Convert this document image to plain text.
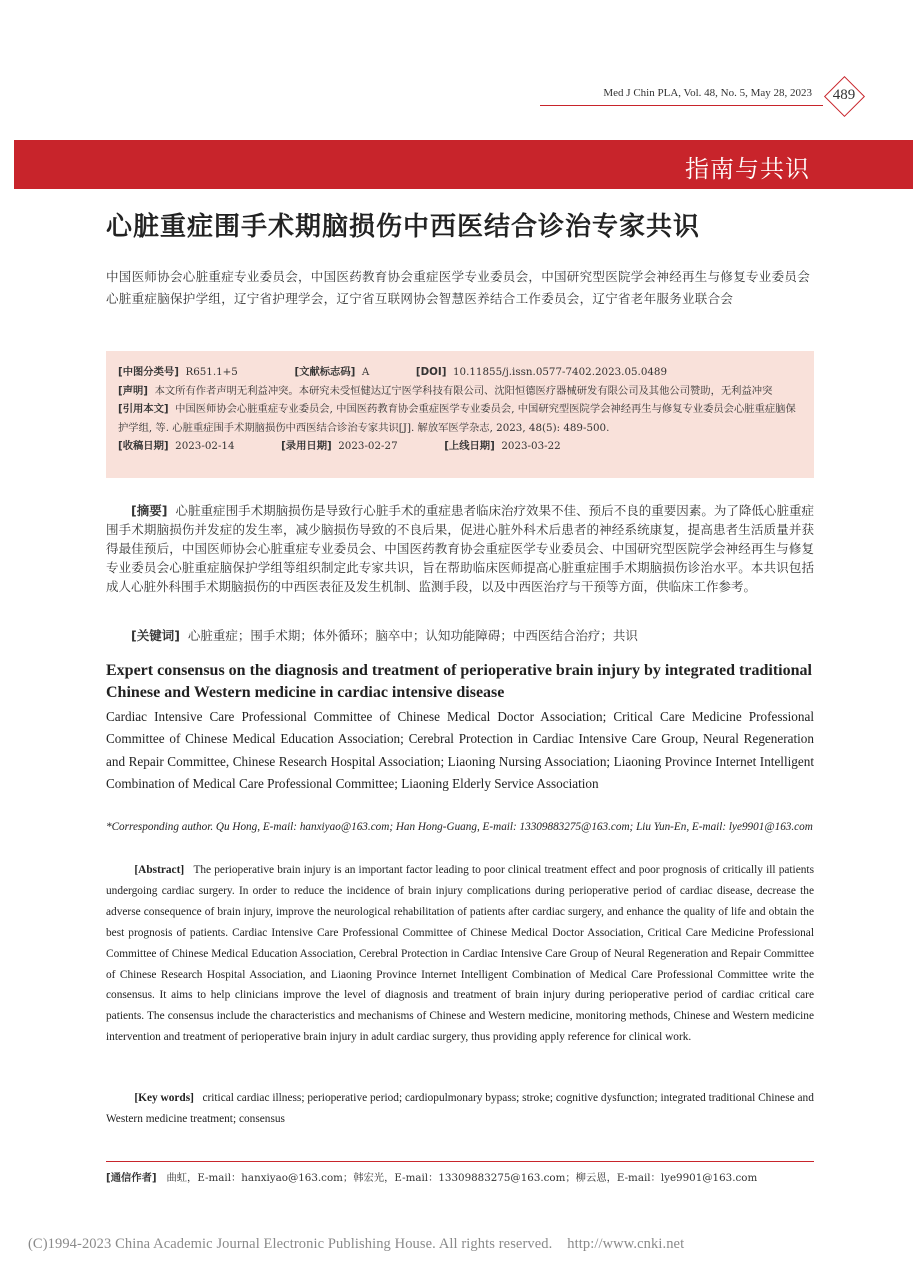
Med J Chin PLA, Vol. 48, No. 5, May 28, 2023	489
指南与共识
心脏重症围手术期脑损伤中西医结合诊治专家共识
中国医师协会心脏重症专业委员会，中国医药教育协会重症医学专业委员会，中国研究型医院学会神经再生与修复专业委员会心脏重症脑保护学组，辽宁省护理学会，辽宁省互联网协会智慧医养结合工作委员会，辽宁省老年服务业联合会
[中图分类号] R651.1+5	[文献标志码] A	[DOI] 10.11855/j.issn.0577-7402.2023.05.0489
[声明] 本文所有作者声明无利益冲突。本研究未受恒健达辽宁医学科技有限公司、沈阳恒德医疗器械研发有限公司及其他公司赞助，无利益冲突
[引用本文] 中国医师协会心脏重症专业委员会, 中国医药教育协会重症医学专业委员会, 中国研究型医院学会神经再生与修复专业委员会心脏重症脑保护学组, 等. 心脏重症围手术期脑损伤中西医结合诊治专家共识[J]. 解放军医学杂志, 2023, 48(5): 489-500.
[收稿日期] 2023-02-14	[录用日期] 2023-02-27	[上线日期] 2023-03-22
[摘要] 心脏重症围手术期脑损伤是导致行心脏手术的重症患者临床治疗效果不佳、预后不良的重要因素。为了降低心脏重症围手术期脑损伤并发症的发生率，减少脑损伤导致的不良后果，促进心脏外科术后患者的神经系统康复，提高患者生活质量并获得最佳预后，中国医师协会心脏重症专业委员会、中国医药教育协会重症医学专业委员会、中国研究型医院学会神经再生与修复专业委员会心脏重症脑保护学组等组织制定此专家共识，旨在帮助临床医师提高心脏重症围手术期脑损伤诊治水平。本共识包括成人心脏外科围手术期脑损伤的中西医表征及发生机制、监测手段，以及中西医治疗与干预等方面，供临床工作参考。
[关键词] 心脏重症；围手术期；体外循环；脑卒中；认知功能障碍；中西医结合治疗；共识
Expert consensus on the diagnosis and treatment of perioperative brain injury by integrated traditional Chinese and Western medicine in cardiac intensive disease
Cardiac Intensive Care Professional Committee of Chinese Medical Doctor Association; Critical Care Medicine Professional Committee of Chinese Medical Education Association; Cerebral Protection in Cardiac Intensive Care Group, Neural Regeneration and Repair Committee, Chinese Research Hospital Association; Liaoning Nursing Association; Liaoning Province Internet Intelligent Combination of Medical Care Professional Committee; Liaoning Elderly Service Association
*Corresponding author. Qu Hong, E-mail: hanxiyao@163.com; Han Hong-Guang, E-mail: 13309883275@163.com; Liu Yun-En, E-mail: lye9901@163.com
[Abstract] The perioperative brain injury is an important factor leading to poor clinical treatment effect and poor prognosis of critically ill patients undergoing cardiac surgery. In order to reduce the incidence of brain injury complications during perioperative period of cardiac disease, decrease the adverse consequence of brain injury, improve the neurological rehabilitation of patients after cardiac surgery, and enhance the quality of life and obtain the best prognosis of patients. Cardiac Intensive Care Professional Committee of Chinese Medical Doctor Association, Critical Care Medicine Professional Committee of Chinese Medical Education Association, Cerebral Protection in Cardiac Intensive Care Group of Neural Regeneration and Repair Committee of Chinese Research Hospital Association, and Liaoning Province Internet Intelligent Combination of Medical Care Professional Committee write the consensus. It aims to help clinicians improve the level of diagnosis and treatment of brain injury during perioperative period of cardiac critical care patients. The consensus include the characteristics and mechanisms of Chinese and Western medicine, monitoring methods, Chinese and Western medicine intervention and treatment of perioperative brain injury in adult cardiac surgery, thus providing apply reference for clinical work.
[Key words] critical cardiac illness; perioperative period; cardiopulmonary bypass; stroke; cognitive dysfunction; integrated traditional Chinese and Western medicine treatment; consensus
[通信作者] 曲虹，E-mail：hanxiyao@163.com；韩宏光，E-mail：13309883275@163.com；柳云恩，E-mail：lye9901@163.com
(C)1994-2023 China Academic Journal Electronic Publishing House. All rights reserved.    http://www.cnki.net
